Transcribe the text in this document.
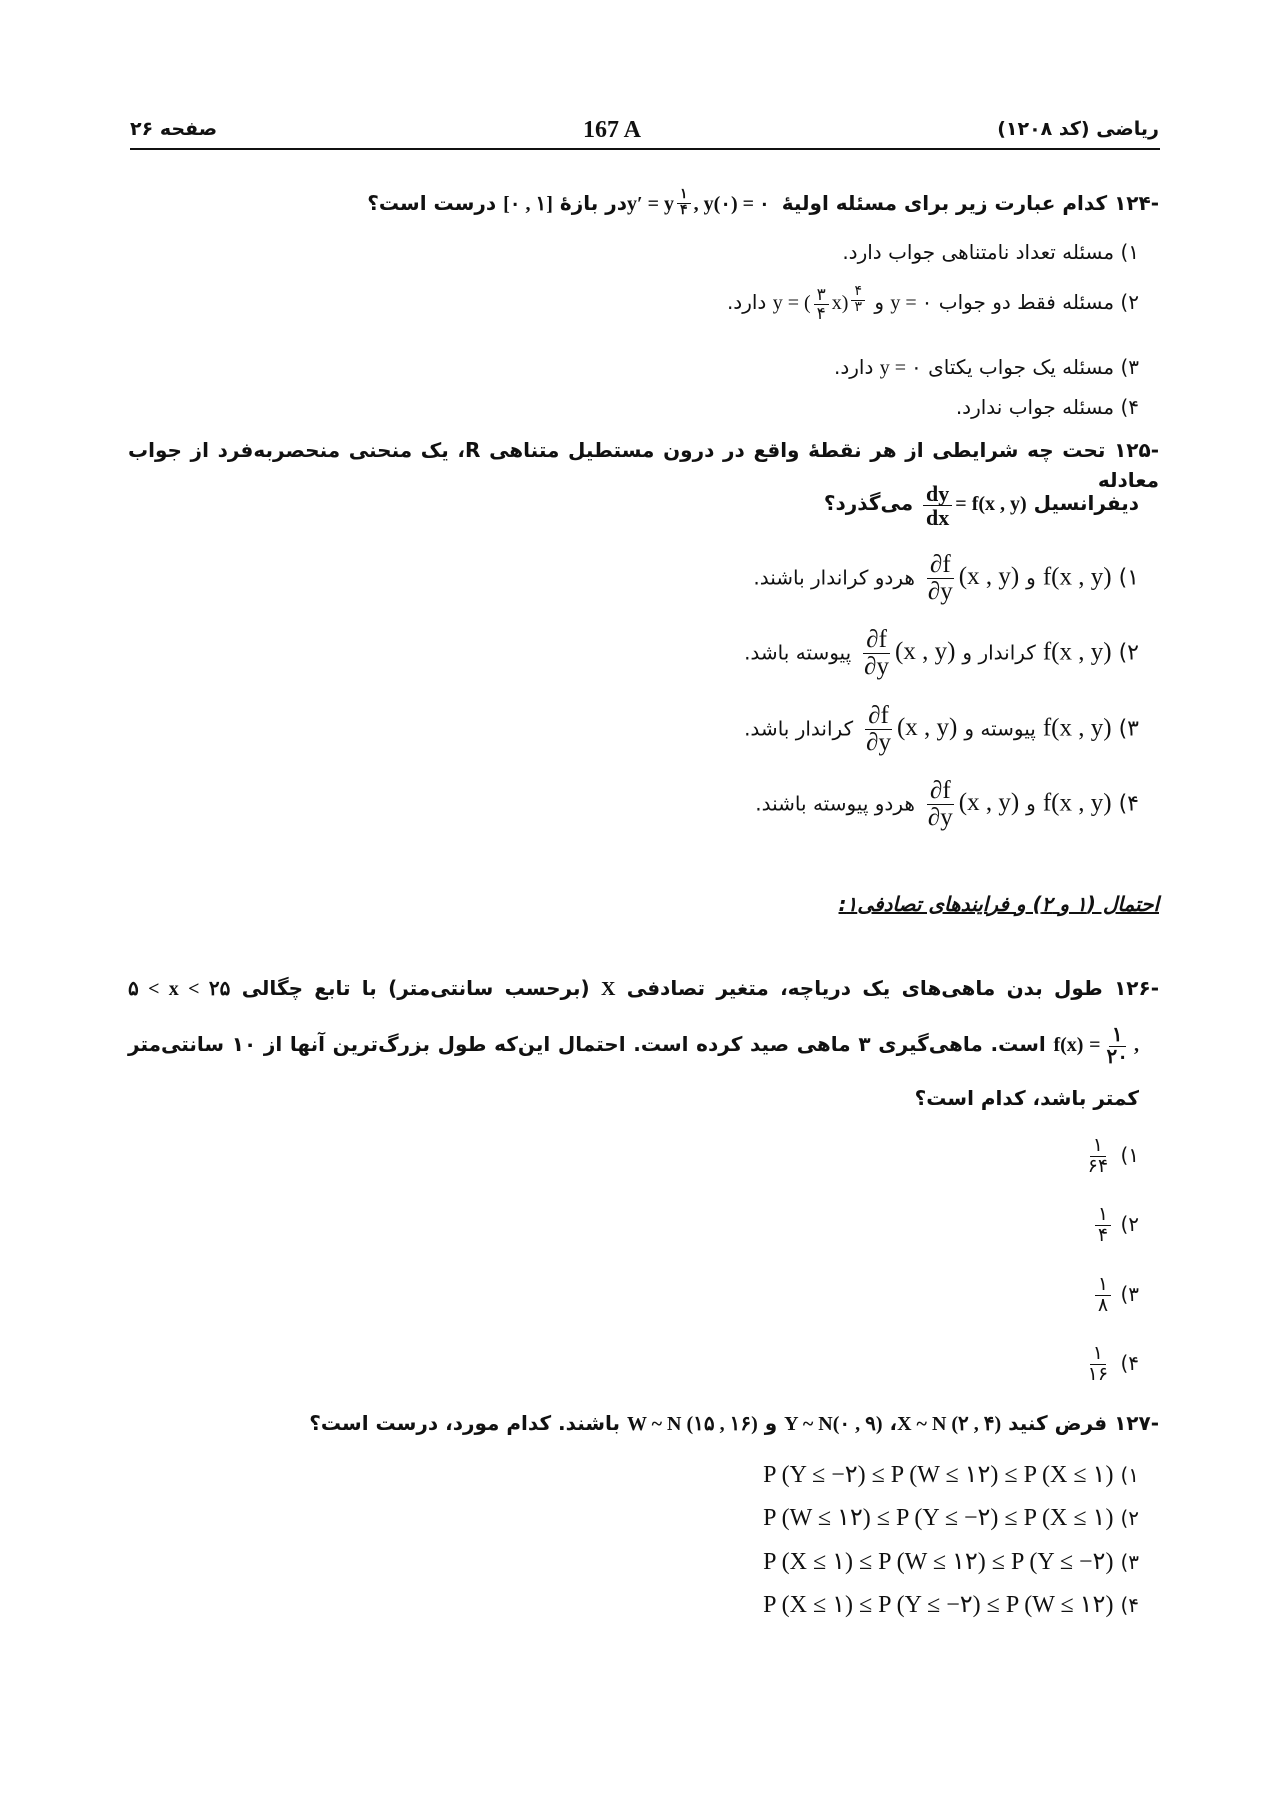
صفحه ۲۶	167 A	ریاضی (کد ۱۲۰۸)
-۱۲۴ کدام عبارت زیر برای مسئله اولیهٔ y′ = y $\frac{۱}{۴}$ , y(۰) = ۰ در بازهٔ [۰ , ۱] درست است؟
۱) مسئله تعداد نامتناهی جواب دارد.
۲) مسئله فقط دو جواب y = ۰ و y = ( $\frac{۳}{۴} x) \frac{۴}{۳}$
دارد.
۳) مسئله یک جواب یکتای y = ۰ دارد.
۴) مسئله جواب ندارد.
-۱۲۵ تحت چه شرایطی از هر نقطهٔ واقع در درون مستطیل متناهی R، یک منحنی منحصربه‌فرد از جواب معادله
دیفرانسیل
$\frac{dy}{dx} = f(x$ , y) می‌گذرد؟
۱) f(x , y) و
$\frac{\partial f}{\partial y} (x$ , y) هردو کراندار باشند.
۲) f(x , y) کراندار و
$\frac{\partial f}{\partial y} (x$ , y) پیوسته باشد.
۳) f(x , y) پیوسته و
$\frac{\partial f}{\partial y} (x$ , y) کراندار باشد.
۴) f(x , y) و
$\frac{\partial f}{\partial y} (x$ , y) هردو پیوسته باشند.
احتمال (۱ و ۲) و فرایندهای تصادفی۱:
-۱۲۶ طول بدن ماهی‌های یک دریاچه، متغیر تصادفی X (برحسب سانتی‌متر) با تابع چگالی ۵ < x < ۲۵
$f(x) = \frac{۱}{۲۰}$ , است. ماهی‌گیری ۳ ماهی صید کرده است. احتمال این‌که طول بزرگ‌ترین آنها از ۱۰ سانتی‌متر
کمتر باشد، کدام است؟
۱)
$\frac{۱}{۶۴}$
۲)
$\frac{۱}{۴}$
۳)
$\frac{۱}{۸}$
۴)
$\frac{۱}{۱۶}$
-۱۲۷ فرض کنید X ~ N (۲ , ۴)، Y ~ N(۰ , ۹) و W ~ N (۱۵ , ۱۶) باشند. کدام مورد، درست است؟
۱) P (Y ≤ −۲) ≤ P (W ≤ ۱۲) ≤ P (X ≤ ۱)
۲) P (W ≤ ۱۲) ≤ P (Y ≤ −۲) ≤ P (X ≤ ۱)
۳) P (X ≤ ۱) ≤ P (W ≤ ۱۲) ≤ P (Y ≤ −۲)
۴) P (X ≤ ۱) ≤ P (Y ≤ −۲) ≤ P (W ≤ ۱۲)
